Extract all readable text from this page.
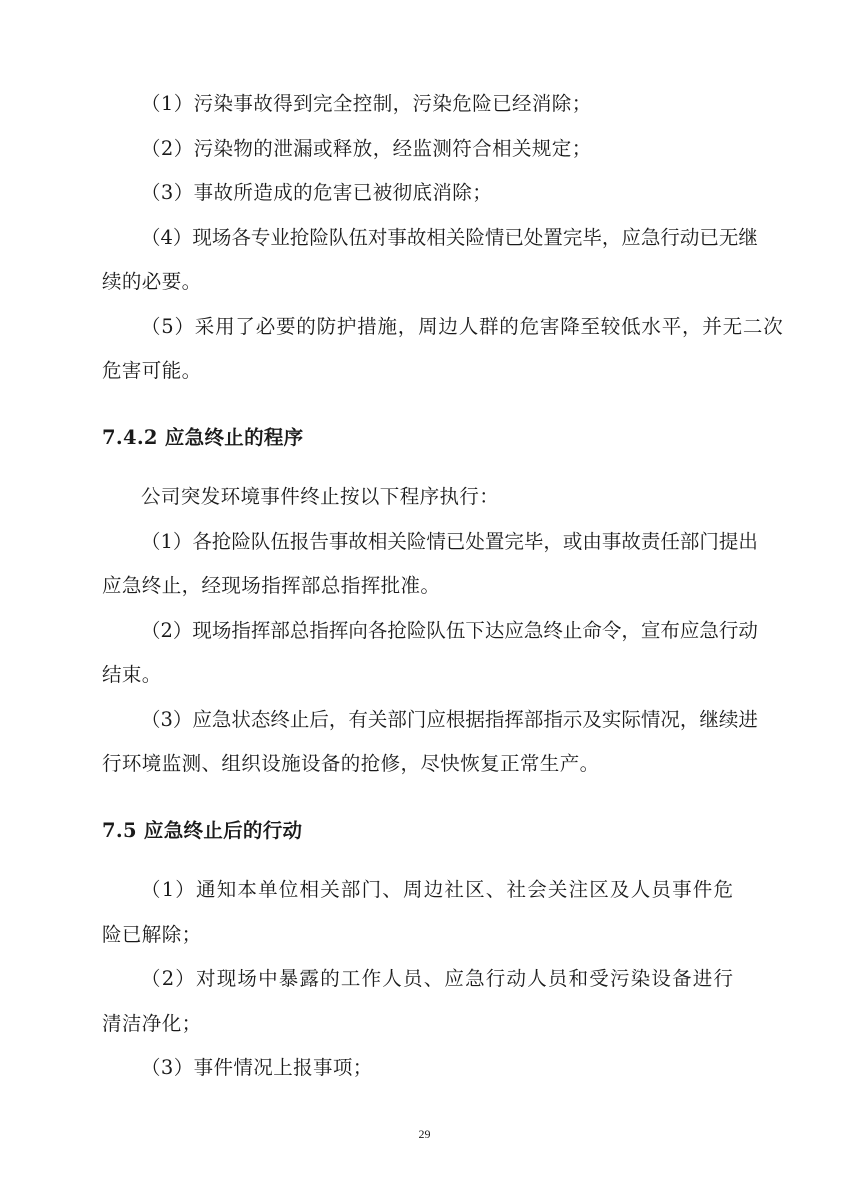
（1）污染事故得到完全控制，污染危险已经消除；
（2）污染物的泄漏或释放，经监测符合相关规定；
（3）事故所造成的危害已被彻底消除；
（4）现场各专业抢险队伍对事故相关险情已处置完毕，应急行动已无继
续的必要。
（5）采用了必要的防护措施，周边人群的危害降至较低水平，并无二次
危害可能。
7.4.2 应急终止的程序
公司突发环境事件终止按以下程序执行：
（1）各抢险队伍报告事故相关险情已处置完毕，或由事故责任部门提出
应急终止，经现场指挥部总指挥批准。
（2）现场指挥部总指挥向各抢险队伍下达应急终止命令，宣布应急行动
结束。
（3）应急状态终止后，有关部门应根据指挥部指示及实际情况，继续进
行环境监测、组织设施设备的抢修，尽快恢复正常生产。
7.5 应急终止后的行动
（1）通知本单位相关部门、周边社区、社会关注区及人员事件危
险已解除；
（2）对现场中暴露的工作人员、应急行动人员和受污染设备进行
清洁净化；
（3）事件情况上报事项；
29
